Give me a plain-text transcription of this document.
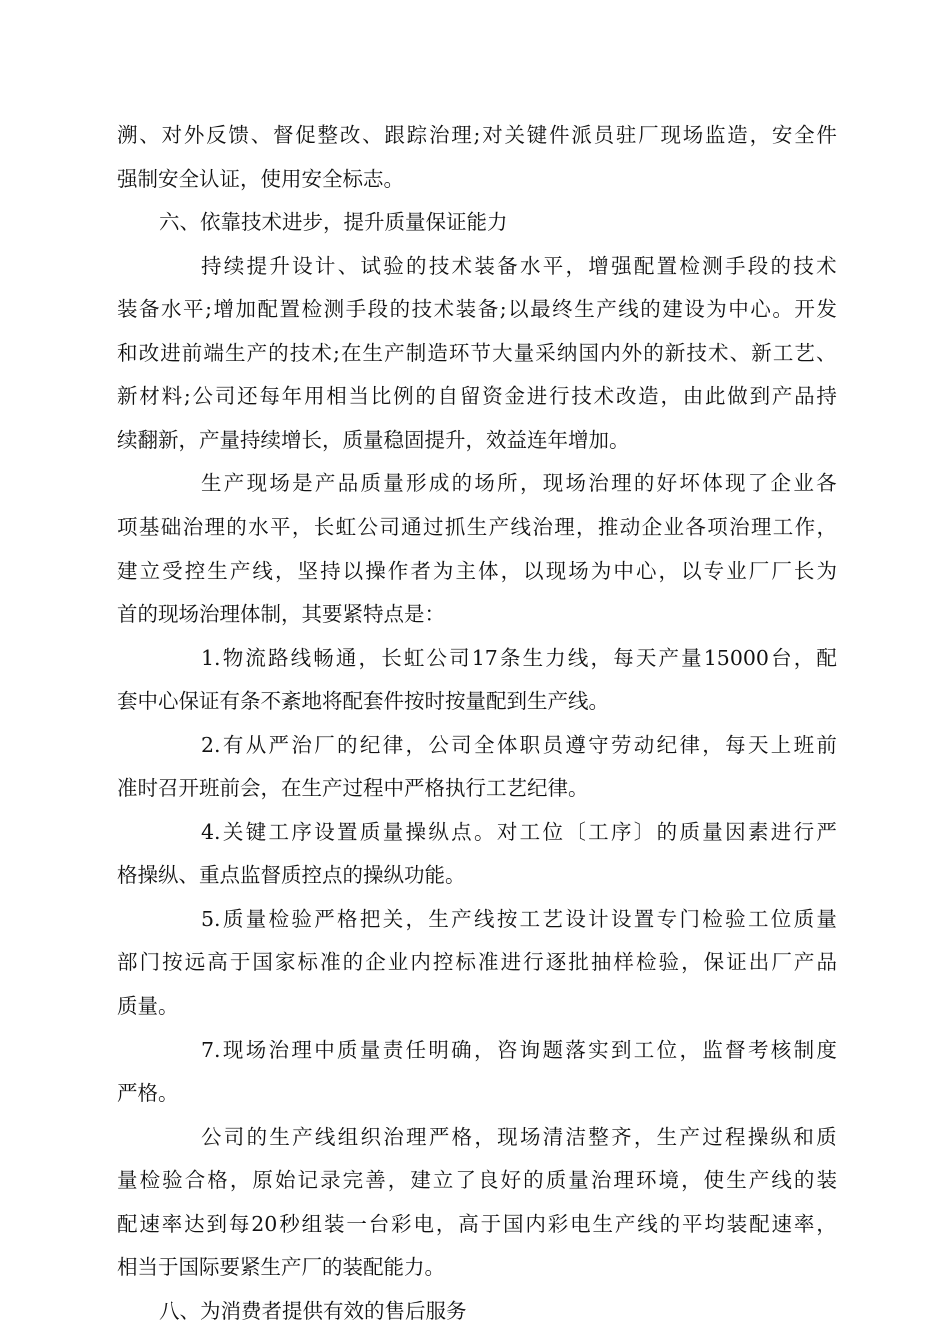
溯 、 对 外 反 馈 、 督 促 整 改 、 跟 踪 治 理 ; 对 关 键 件 派 员 驻 厂 现 场 监 造 ， 安 全 件
强制安全认证，使用安全标志。
六、依靠技术进步，提升质量保证能力
持 续 提 升 设 计 、 试 验 的 技 术 装 备 水 平 ， 增 强 配 置 检 测 手 段 的 技 术
装 备 水 平 ; 增 加 配 置 检 测 手 段 的 技 术 装 备 ; 以 最 终 生 产 线 的 建 设 为 中 心 。 开 发
和 改 进 前 端 生 产 的 技 术 ; 在 生 产 制 造 环 节 大 量 采 纳 国 内 外 的 新 技 术 、 新 工 艺 、
新 材 料 ; 公 司 还 每 年 用 相 当 比 例 的 自 留 资 金 进 行 技 术 改 造 ， 由 此 做 到 产 品 持
续翻新，产量持续增长，质量稳固提升，效益连年增加。
生 产 现 场 是 产 品 质 量 形 成 的 场 所 ， 现 场 治 理 的 好 坏 体 现 了 企 业 各
项 基 础 治 理 的 水 平 ， 长 虹 公 司 通 过 抓 生 产 线 治 理 ， 推 动 企 业 各 项 治 理 工 作 ，
建 立 受 控 生 产 线 ， 坚 持 以 操 作 者 为 主 体 ， 以 现 场 为 中 心 ， 以 专 业 厂 厂 长 为
首的现场治理体制，其要紧特点是：
1. 物 流 路 线 畅 通 ， 长 虹 公 司 17 条 生 力 线 ， 每 天 产 量 15000 台 ， 配
套中心保证有条不紊地将配套件按时按量配到生产线。
2. 有 从 严 治 厂 的 纪 律 ， 公 司 全 体 职 员 遵 守 劳 动 纪 律 ， 每 天 上 班 前
准时召开班前会，在生产过程中严格执行工艺纪律。
4. 关 键 工 序 设 置 质 量 操 纵 点 。 对 工 位 〔 工 序 〕 的 质 量 因 素 进 行 严
格操纵、重点监督质控点的操纵功能。
5. 质 量 检 验 严 格 把 关 ， 生 产 线 按 工 艺 设 计 设 置 专 门 检 验 工 位 质 量
部 门 按 远 高 于 国 家 标 准 的 企 业 内 控 标 准 进 行 逐 批 抽 样 检 验 ， 保 证 出 厂 产 品
质量。
7. 现 场 治 理 中 质 量 责 任 明 确 ， 咨 询 题 落 实 到 工 位 ， 监 督 考 核 制 度
严格。
公 司 的 生 产 线 组 织 治 理 严 格 ， 现 场 清 洁 整 齐 ， 生 产 过 程 操 纵 和 质
量 检 验 合 格 ， 原 始 记 录 完 善 ， 建 立 了 良 好 的 质 量 治 理 环 境 ， 使 生 产 线 的 装
配 速 率 达 到 每 20 秒 组 装 一 台 彩 电 ， 高 于 国 内 彩 电 生 产 线 的 平 均 装 配 速 率 ，
相当于国际要紧生产厂的装配能力。
八、为消费者提供有效的售后服务
